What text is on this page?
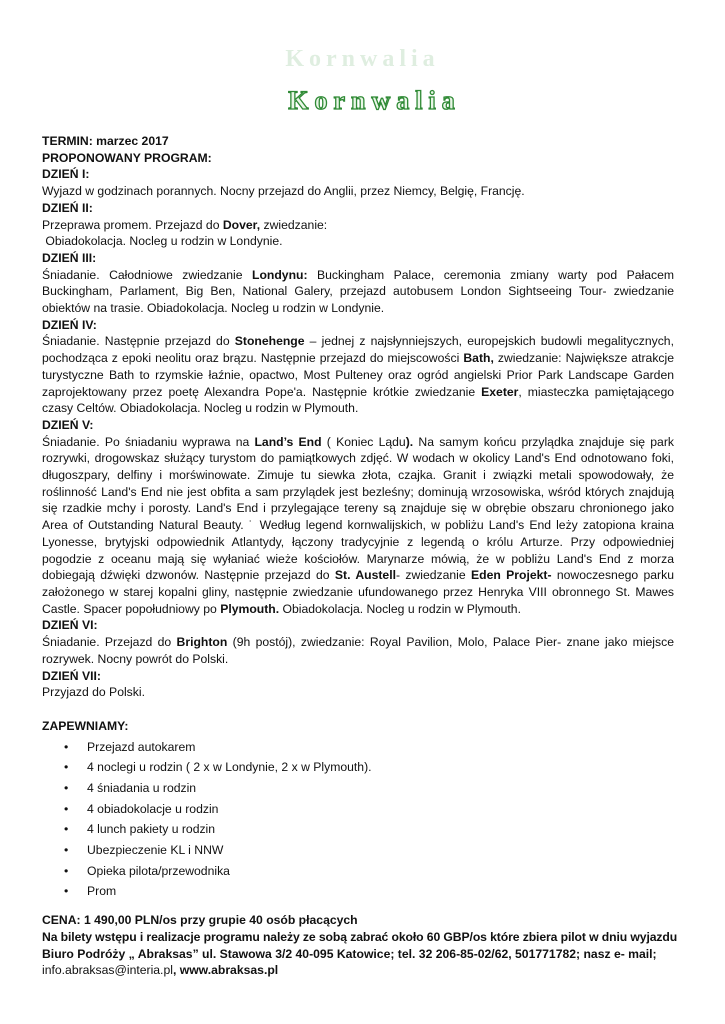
Kornwalia
Kornwalia

TERMIN: marzec 2017

PROPONOWANY PROGRAM:

DZIEŃ I:

Wyjazd w godzinach porannych. Nocny przejazd do Anglii, przez Niemcy, Belgię, Francję.

DZIEŃ II:

Przeprawa promem. Przejazd do Dover, zwiedzanie:

Obiadokolacja. Nocleg u rodzin w Londynie.

DZIEŃ III:

Śniadanie. Całodniowe zwiedzanie Londynu: Buckingham Palace, ceremonia zmiany warty pod Pałacem Buckingham, Parlament, Big Ben, National Galery, przejazd autobusem London Sightseeing Tour- zwiedzanie obiektów na trasie. Obiadokolacja. Nocleg u rodzin w Londynie.

DZIEŃ IV:

Śniadanie. Następnie przejazd do Stonehenge – jednej z najsłynniejszych, europejskich budowli megalitycznych, pochodząca z epoki neolitu oraz brązu. Następnie przejazd do miejscowości Bath, zwiedzanie: Największe atrakcje turystyczne Bath to rzymskie łaźnie, opactwo, Most Pulteney oraz ogród angielski Prior Park Landscape Garden zaprojektowany przez poetę Alexandra Pope'a. Następnie krótkie zwiedzanie Exeter, miasteczka pamiętającego czasy Celtów. Obiadokolacja. Nocleg u rodzin w Plymouth.

DZIEŃ V:

Śniadanie. Po śniadaniu wyprawa na Land’s End ( Koniec Lądu). Na samym końcu przylądka znajduje się park rozrywki, drogowskaz służący turystom do pamiątkowych zdjęć. W wodach w okolicy Land's End odnotowano foki, długoszpary, delfiny i morświnowate. Zimuje tu siewka złota, czajka. Granit i związki metali spowodowały, że roślinność Land's End nie jest obfita a sam przylądek jest bezleśny; dominują wrzosowiska, wśród których znajdują się rzadkie mchy i porosty. Land's End i przylegające tereny są znajduje się w obrębie obszaru chronionego jako Area of Outstanding Natural Beauty. ˙ Według legend kornwalijskich, w pobliżu Land's End leży zatopiona kraina Lyonesse, brytyjski odpowiednik Atlantydy, łączony tradycyjnie z legendą o królu Arturze. Przy odpowiedniej pogodzie z oceanu mają się wyłaniać wieże kościołów. Marynarze mówią, że w pobliżu Land's End z morza dobiegają dźwięki dzwonów. Następnie przejazd do St. Austell- zwiedzanie Eden Projekt- nowoczesnego parku założonego w starej kopalni gliny, następnie zwiedzanie ufundowanego przez Henryka VIII obronnego St. Mawes Castle. Spacer popołudniowy po Plymouth. Obiadokolacja. Nocleg u rodzin w Plymouth.

DZIEŃ VI:

Śniadanie. Przejazd do Brighton (9h postój), zwiedzanie: Royal Pavilion, Molo, Palace Pier- znane jako miejsce rozrywek. Nocny powrót do Polski.

DZIEŃ VII:

Przyjazd do Polski.

ZAPEWNIAMY:

• Przejazd autokarem
• 4 noclegi u rodzin ( 2 x w Londynie, 2 x w Plymouth).
• 4 śniadania u rodzin
• 4 obiadokolacje u rodzin
• 4 lunch pakiety u rodzin
• Ubezpieczenie KL i NNW
• Opieka pilota/przewodnika
• Prom

CENA: 1 490,00 PLN/os przy grupie 40 osób płacących

Na bilety wstępu i realizacje programu należy ze sobą zabrać około 60 GBP/os które zbiera pilot w dniu wyjazdu

Biuro Podróży „ Abraksas” ul. Stawowa 3/2 40-095 Katowice; tel. 32 206-85-02/62, 501771782; nasz e- mail;

info.abraksas@interia.pl, www.abraksas.pl
